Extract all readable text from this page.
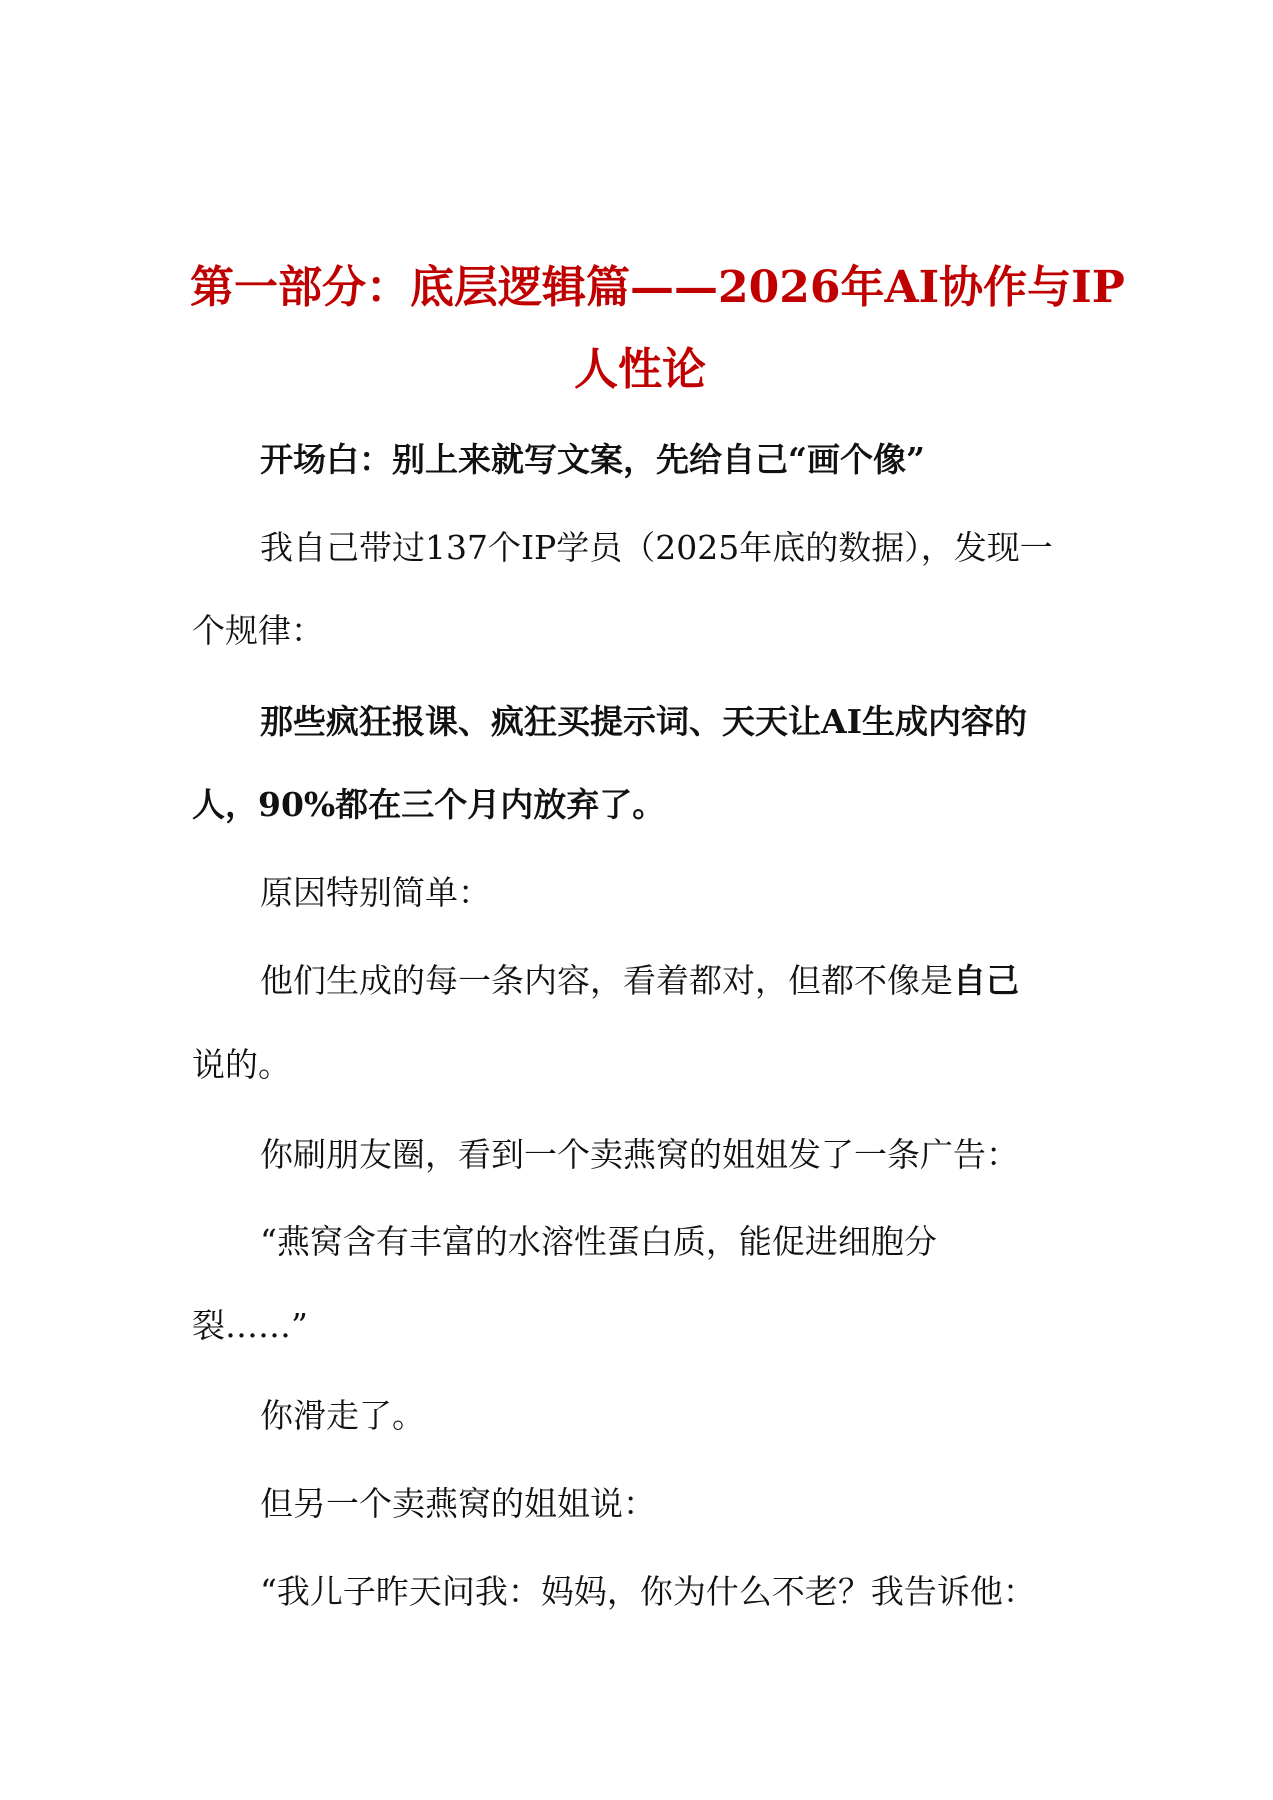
第一部分：底层逻辑篇——2026年AI协作与IP
人性论
开场白：别上来就写文案，先给自己“画个像”
我自己带过137个IP学员（2025年底的数据），发现一
个规律：
那些疯狂报课、疯狂买提示词、天天让AI生成内容的
人，90%都在三个月内放弃了。
原因特别简单：
他们生成的每一条内容，看着都对，但都不像是自己
说的。
你刷朋友圈，看到一个卖燕窝的姐姐发了一条广告：
“燕窝含有丰富的水溶性蛋白质，能促进细胞分
裂……”
你滑走了。
但另一个卖燕窝的姐姐说：
“我儿子昨天问我：妈妈，你为什么不老？我告诉他：
